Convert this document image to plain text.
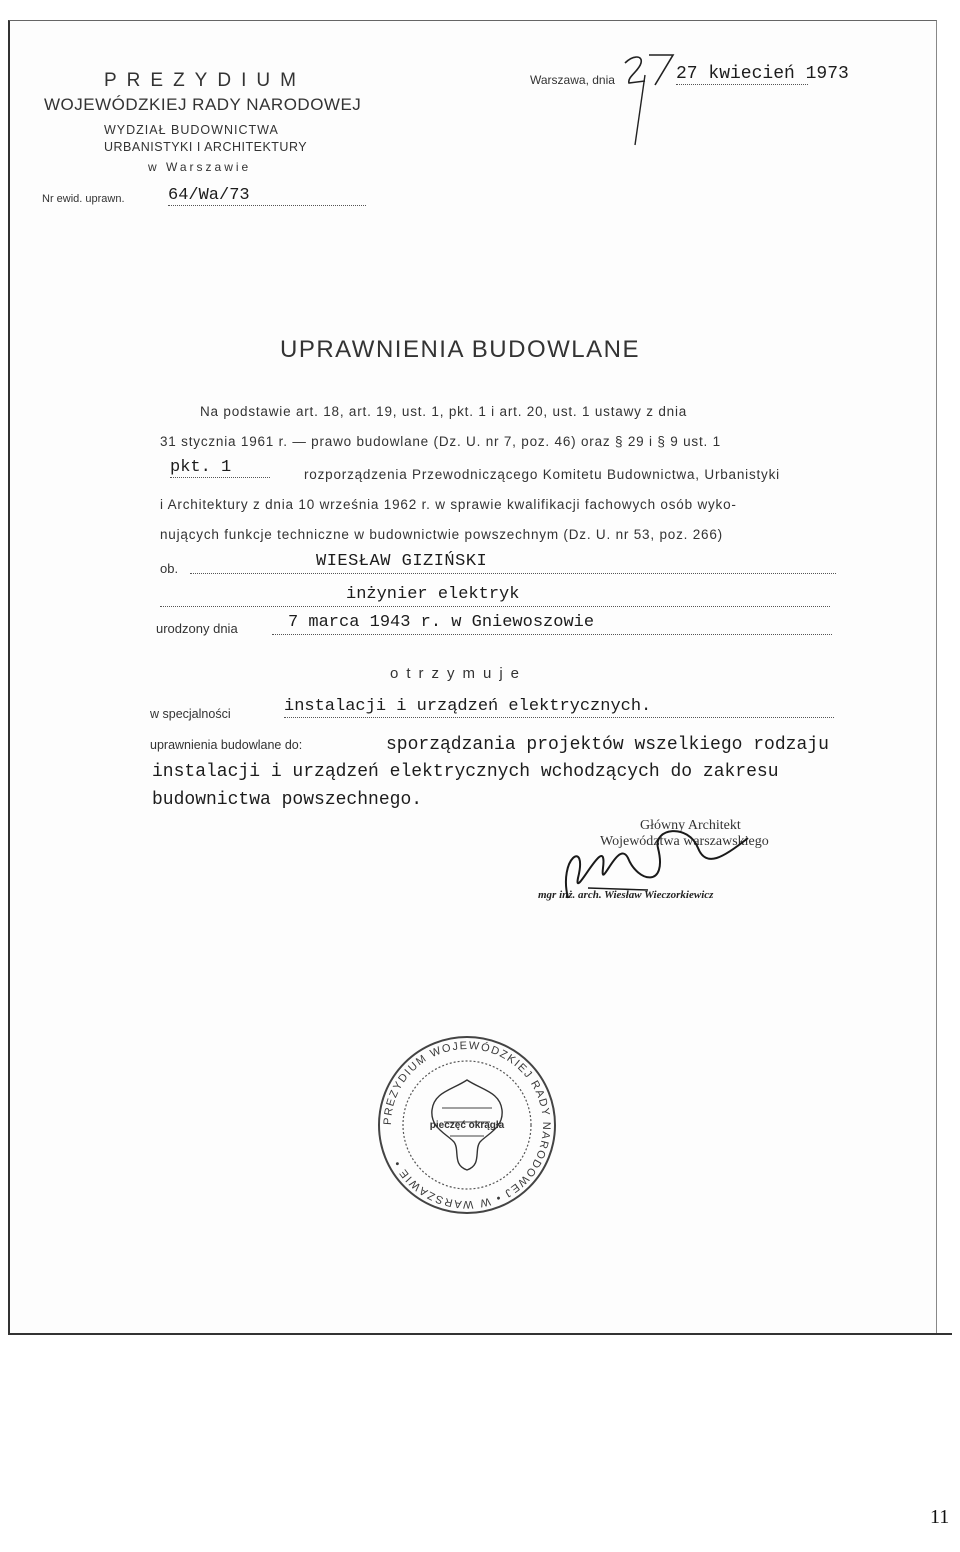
PREZYDIUM
WOJEWÓDZKIEJ RADY NARODOWEJ
WYDZIAŁ BUDOWNICTWA
URBANISTYKI I ARCHITEKTURY
w Warszawie
Nr ewid. uprawn.	64/Wa/73
Warszawa, dnia	27 kwiecień 1973
UPRAWNIENIA BUDOWLANE
Na podstawie art. 18, art. 19, ust. 1, pkt. 1 i art. 20, ust. 1 ustawy z dnia
31 stycznia 1961 r. — prawo budowlane (Dz. U. nr 7, poz. 46) oraz § 29 i § 9 ust. 1
pkt. 1	rozporządzenia Przewodniczącego Komitetu Budownictwa, Urbanistyki
i Architektury z dnia 10 września 1962 r. w sprawie kwalifikacji fachowych osób wyko-
nujących funkcje techniczne w budownictwie powszechnym (Dz. U. nr 53, poz. 266)
ob.	WIESŁAW GIZIŃSKI
inżynier elektryk
urodzony dnia	7 marca 1943 r. w Gniewoszowie
otrzymuje
w specjalności	instalacji i urządzeń elektrycznych.
uprawnienia budowlane do:	sporządzania projektów wszelkiego rodzaju
instalacji i urządzeń elektrycznych wchodzących do zakresu
budownictwa powszechnego.
Główny Architekt
Województwa warszawskiego
mgr inż. arch. Wiesław Wieczorkiewicz
PREZYDIUM WOJEWÓDZKIEJ RADY NARODOWEJ • W WARSZAWIE •
pieczęć okrągła
11
